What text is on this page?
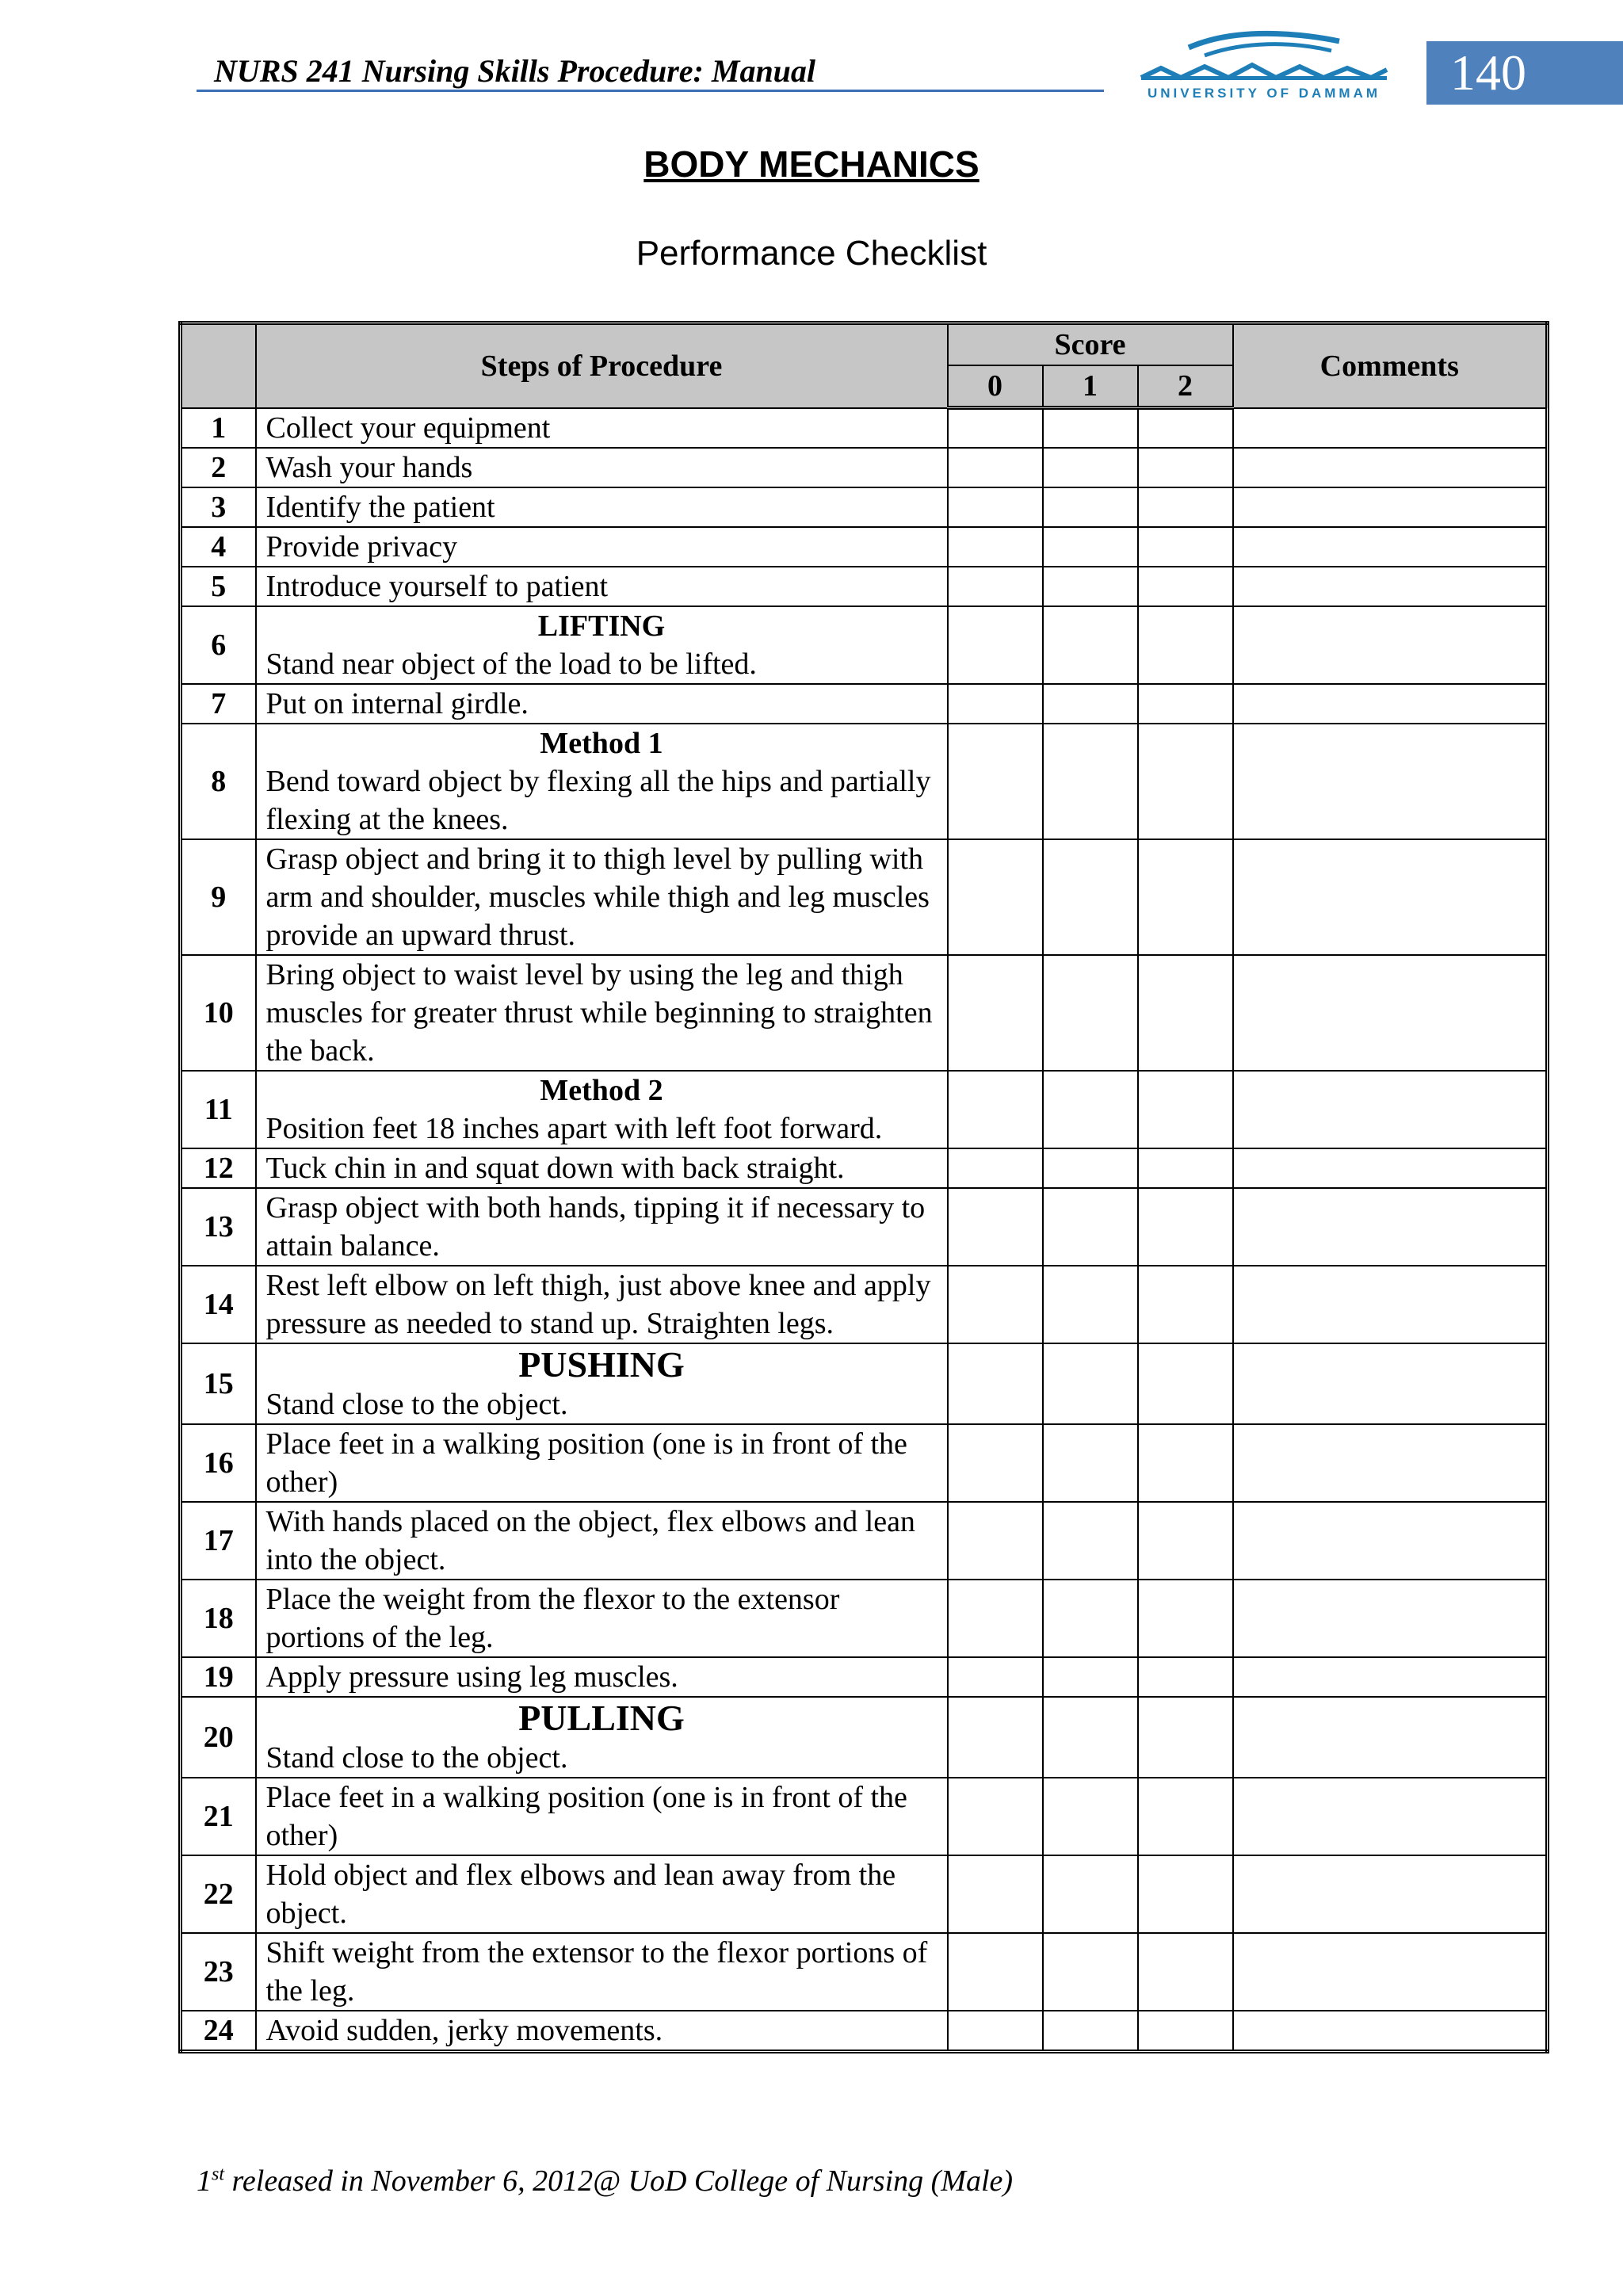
NURS 241 Nursing Skills Procedure: Manual
UNIVERSITY OF DAMMAM 140
BODY MECHANICS
Performance Checklist
	Steps of Procedure	Score			Comments
		0	1	2	
1	Collect your equipment				
2	Wash your hands				
3	Identify the patient				
4	Provide privacy				
5	Introduce yourself to patient				
6	LIFTING
Stand near object of the load to be lifted.				
7	Put on internal girdle.				
8	Method 1
Bend toward object by flexing all the hips and partially flexing at the knees.				
9	Grasp object and bring it to thigh level by pulling with arm and shoulder, muscles while thigh and leg muscles provide an upward thrust.				
10	Bring object to waist level by using the leg and thigh muscles for greater thrust while beginning to straighten the back.				
11	Method 2
Position feet 18 inches apart with left foot forward.				
12	Tuck chin in and squat down with back straight.				
13	Grasp object with both hands, tipping it if necessary to attain balance.				
14	Rest left elbow on left thigh, just above knee and apply pressure as needed to stand up. Straighten legs.				
15	PUSHING
Stand close to the object.				
16	Place feet in a walking position (one is in front of the other)				
17	With hands placed on the object, flex elbows and lean into the object.				
18	Place the weight from the flexor to the extensor portions of the leg.				
19	Apply pressure using leg muscles.				
20	PULLING
Stand close to the object.				
21	Place feet in a walking position (one is in front of the other)				
22	Hold object and flex elbows and lean away from the object.				
23	Shift weight from the extensor to the flexor portions of the leg.				
24	Avoid sudden, jerky movements.				
1st released in November 6, 2012@ UoD College of Nursing (Male)
